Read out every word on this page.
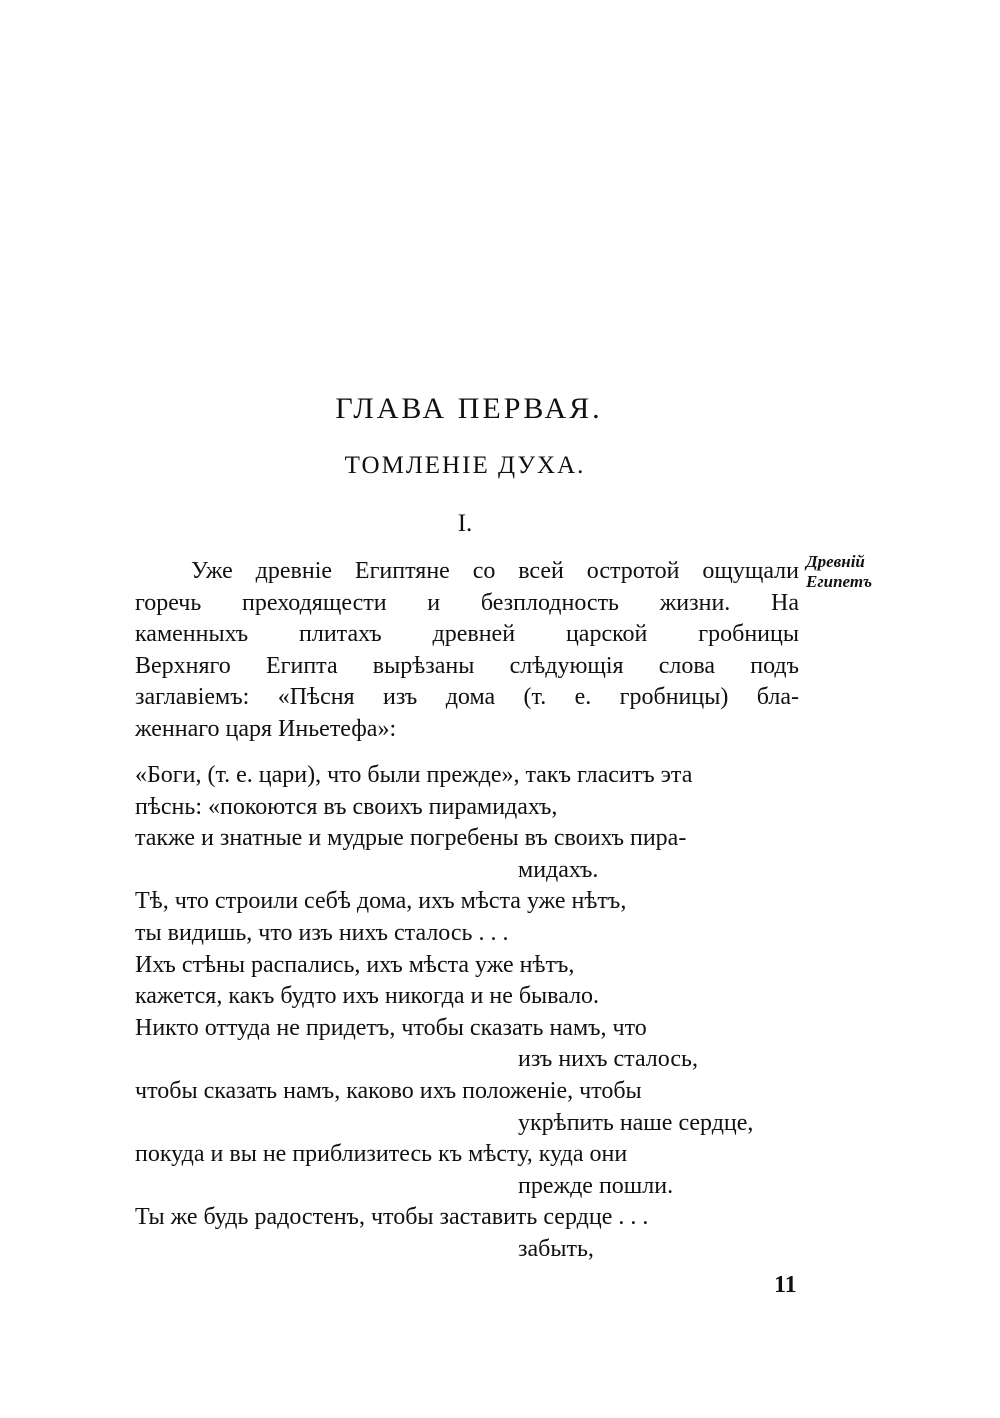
ГЛАВА ПЕРВАЯ.
ТОМЛЕНІЕ ДУХА.
I.
Древній
Египетъ
Уже древніе Египтяне со всей остротой ощущали
горечь преходящести и безплодность жизни. На
каменныхъ плитахъ древней царской гробницы
Верхняго Египта вырѣзаны слѣдующія слова подъ
заглавіемъ: «Пѣсня изъ дома (т. е. гробницы) бла-
женнаго царя Иньетефа»:
«Боги, (т. е. цари), что были прежде», такъ гласитъ эта
пѣснь: «покоются въ своихъ пирамидахъ,
также и знатные и мудрые погребены въ своихъ пира-
мидахъ.
Тѣ, что строили себѣ дома, ихъ мѣста уже нѣтъ,
ты видишь, что изъ нихъ сталось . . .
Ихъ стѣны распались, ихъ мѣста уже нѣтъ,
кажется, какъ будто ихъ никогда и не бывало.
Никто оттуда не придетъ, чтобы сказать намъ, что
изъ нихъ сталось,
чтобы сказать намъ, каково ихъ положеніе, чтобы
укрѣпить наше сердце,
покуда и вы не приблизитесь къ мѣсту, куда они
прежде пошли.
Ты же будь радостенъ, чтобы заставить сердце . . .
забыть,
11
